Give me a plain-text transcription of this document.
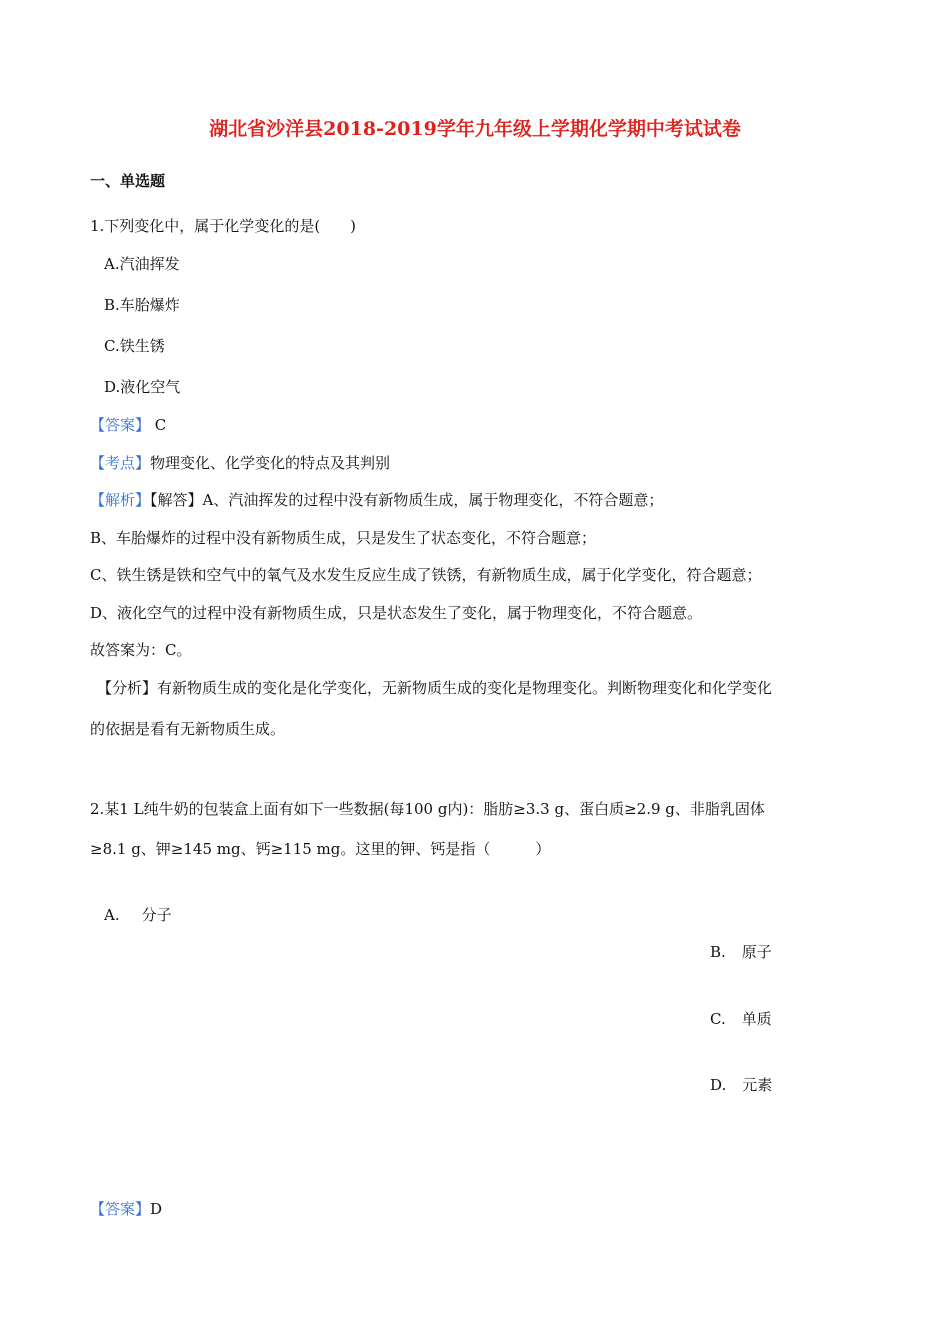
湖北省沙洋县2018-2019学年九年级上学期化学期中考试试卷
一、单选题
1.下列变化中，属于化学变化的是(　　)
A.汽油挥发
B.车胎爆炸
C.铁生锈
D.液化空气
【答案】 C
【考点】物理变化、化学变化的特点及其判别
【解析】【解答】A、汽油挥发的过程中没有新物质生成，属于物理变化，不符合题意；
B、车胎爆炸的过程中没有新物质生成，只是发生了状态变化，不符合题意；
C、铁生锈是铁和空气中的氧气及水发生反应生成了铁锈，有新物质生成，属于化学变化，符合题意；
D、液化空气的过程中没有新物质生成，只是状态发生了变化，属于物理变化，不符合题意。
故答案为：C。
【分析】有新物质生成的变化是化学变化，无新物质生成的变化是物理变化。判断物理变化和化学变化
的依据是看有无新物质生成。
2.某1 L纯牛奶的包装盒上面有如下一些数据(每100 g内)：脂肪≥3.3 g、蛋白质≥2.9 g、非脂乳固体
≥8.1 g、钾≥145 mg、钙≥115 mg。这里的钾、钙是指（　　　）
A. 分子
B. 原子
C. 单质
D. 元素
【答案】D
